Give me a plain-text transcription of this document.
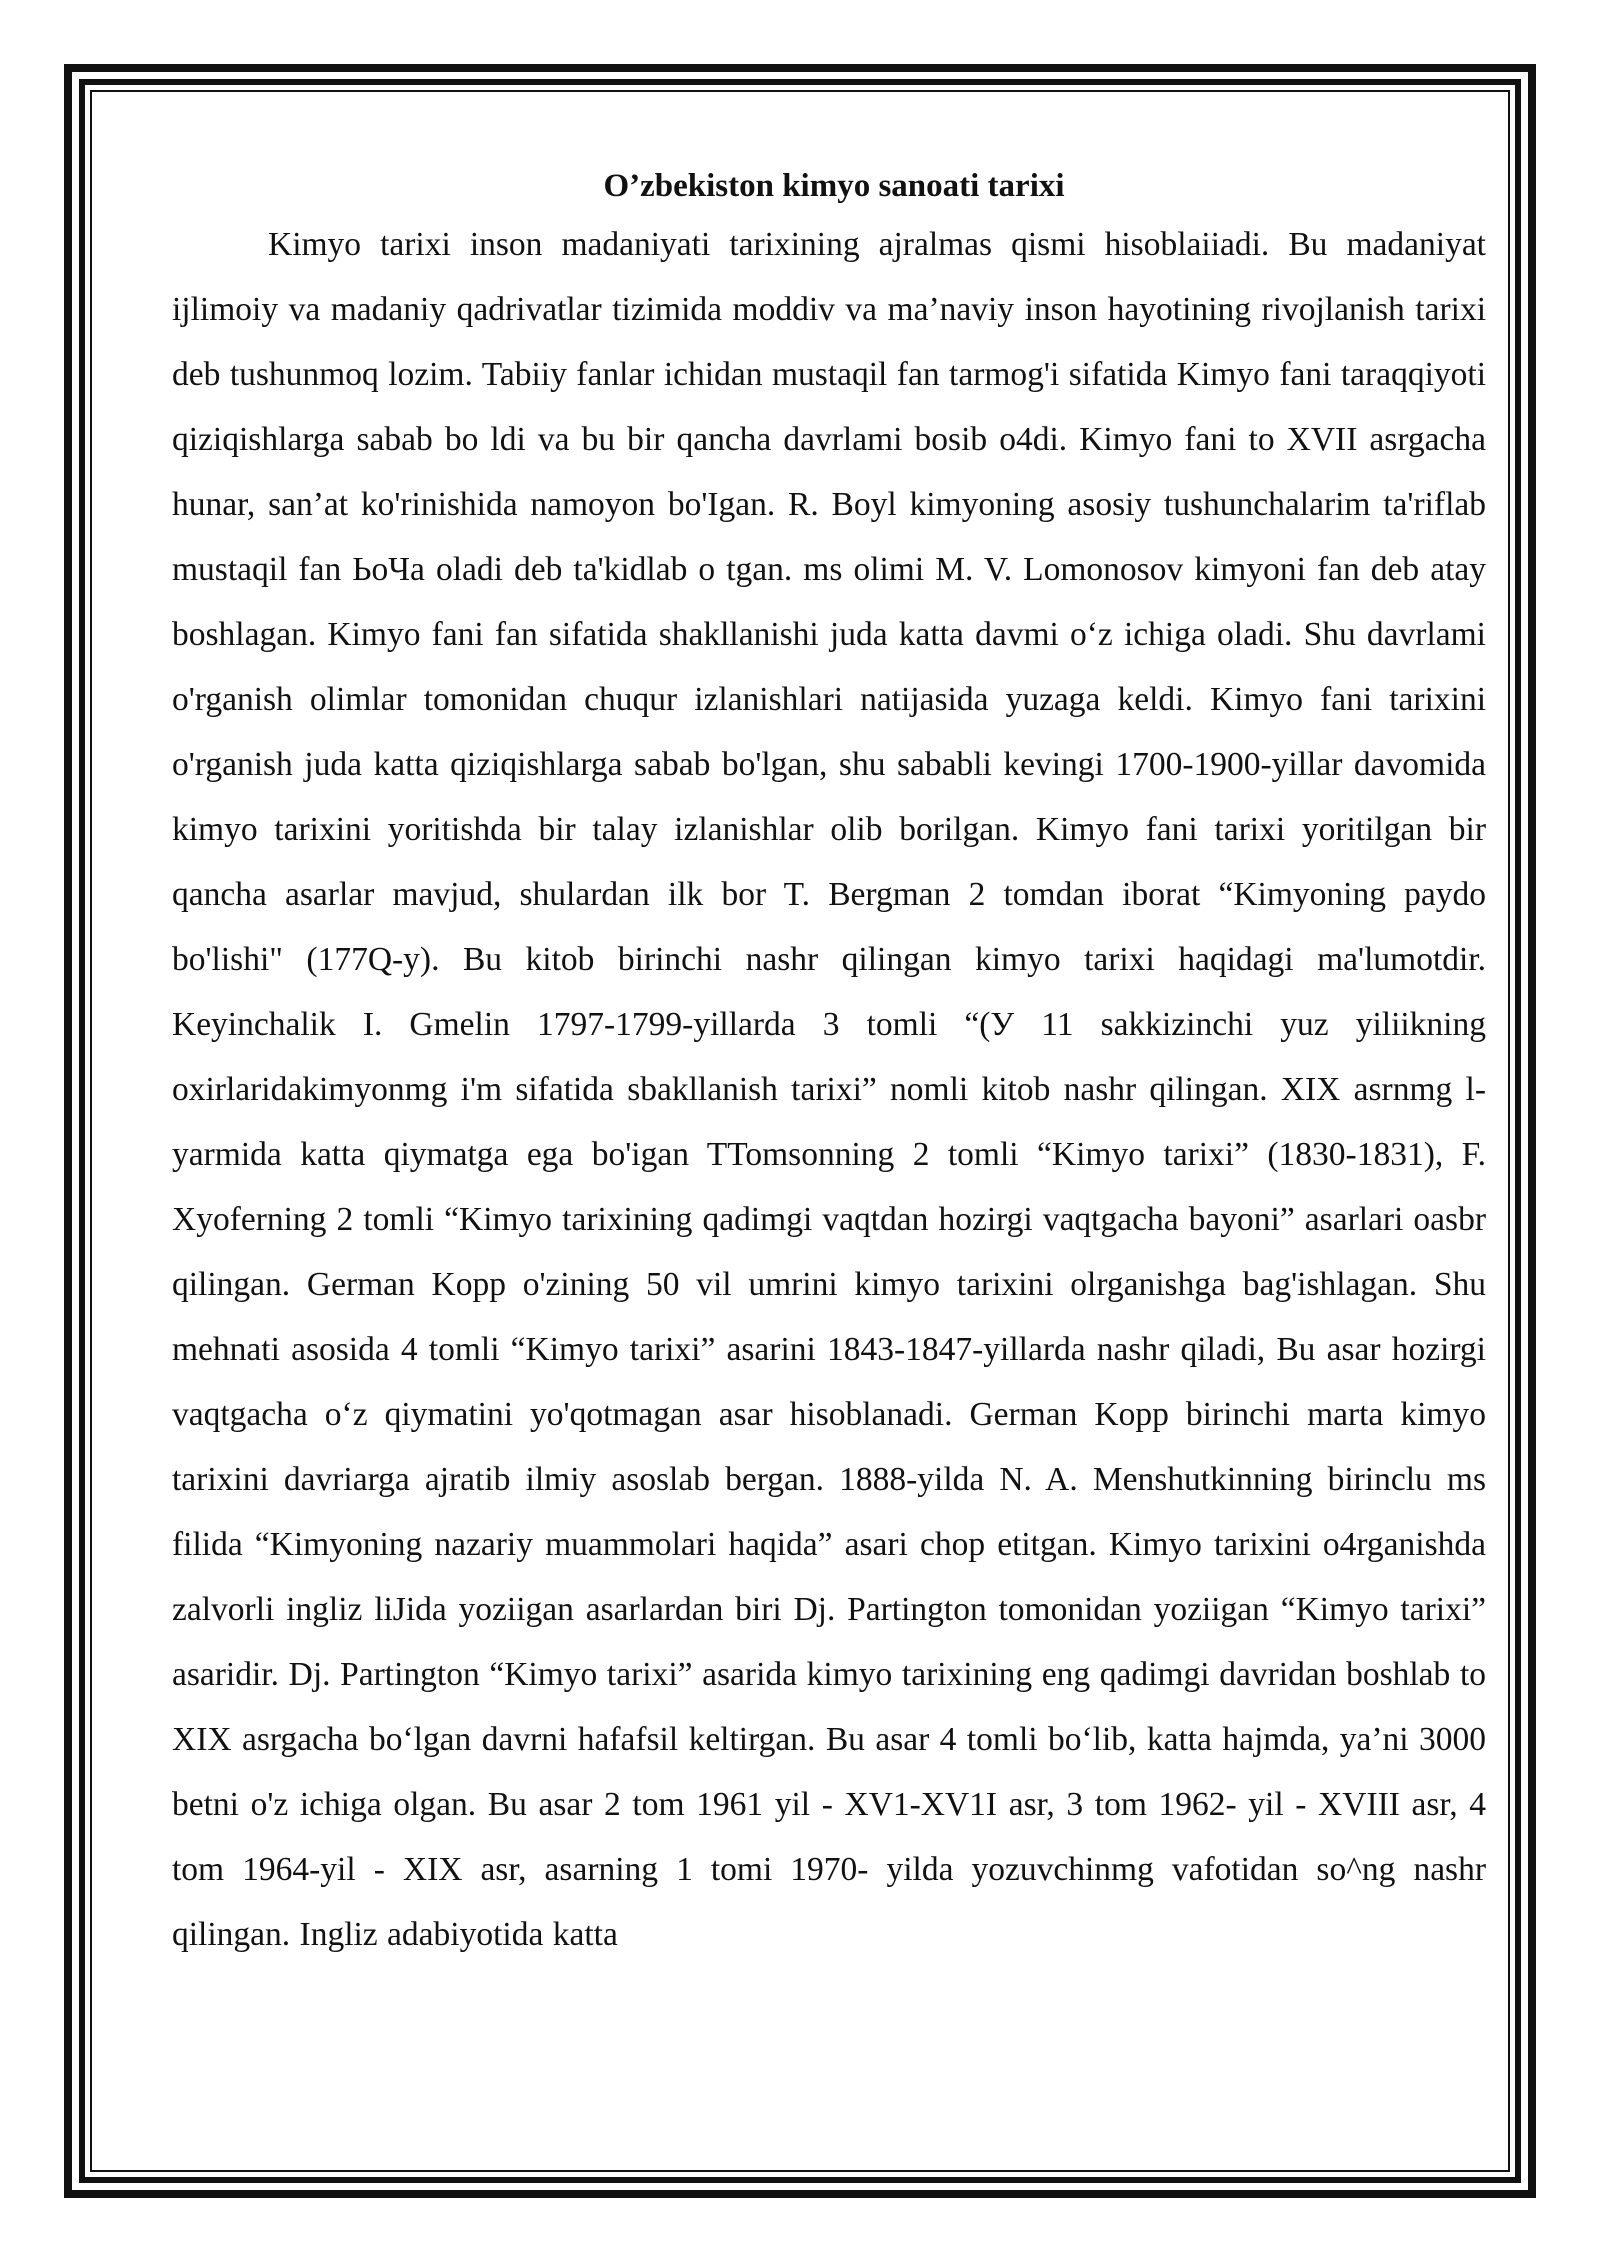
O’zbekiston kimyo sanoati tarixi

Kimyo tarixi inson madaniyati tarixining ajralmas qismi hisoblaiiadi. Bu madaniyat ijlimoiy va madaniy qadrivatlar tizimida moddiv va ma’naviy inson hayotining rivojlanish tarixi deb tushunmoq lozim. Tabiiy fanlar ichidan mustaqil fan tarmog'i sifatida Kimyo fani taraqqiyoti qiziqishlarga sabab bo ldi va bu bir qancha davrlami bosib o4di. Kimyo fani to XVII asrgacha hunar, san’at ko'rinishida namoyon bo'Igan. R. Boyl kimyoning asosiy tushunchalarim ta'riflab mustaqil fan ЬоЧа oladi deb ta'kidlab o tgan. ms olimi M. V. Lomonosov kimyoni fan deb atay boshlagan. Kimyo fani fan sifatida shakllanishi juda katta davmi o‘z ichiga oladi. Shu davrlami o'rganish olimlar tomonidan chuqur izlanishlari natijasida yuzaga keldi. Kimyo fani tarixini o'rganish juda katta qiziqishlarga sabab bo'lgan, shu sababli kevingi 1700-1900-yillar davomida kimyo tarixini yoritishda bir talay izlanishlar olib borilgan. Kimyo fani tarixi yoritilgan bir qancha asarlar mavjud, shulardan ilk bor T. Bergman 2 tomdan iborat “Kimyoning paydo bo'lishi" (177Q-y). Bu kitob birinchi nashr qilingan kimyo tarixi haqidagi ma'lumotdir. Keyinchalik I. Gmelin 1797-1799-yillarda 3 tomli “(У 11 sakkizinchi yuz yiliikning oxirlaridakimyonmg i'm sifatida sbakllanish tarixi” nomli kitob nashr qilingan. XIX asrnmg l-yarmida katta qiymatga ega bo'igan TTomsonning 2 tomli “Kimyo tarixi” (1830-1831), F. Xyoferning 2 tomli “Kimyo tarixining qadimgi vaqtdan hozirgi vaqtgacha bayoni” asarlari oasbr qilingan. German Kopp o'zining 50 vil umrini kimyo tarixini olrganishga bag'ishlagan. Shu mehnati asosida 4 tomli “Kimyo tarixi” asarini 1843-1847-yillarda nashr qiladi, Bu asar hozirgi vaqtgacha o‘z qiymatini yo'qotmagan asar hisoblanadi. German Kopp birinchi marta kimyo tarixini davriarga ajratib ilmiy asoslab bergan. 1888-yilda N. A. Menshutkinning birinclu ms filida “Kimyoning nazariy muammolari haqida” asari chop etitgan. Kimyo tarixini o4rganishda zalvorli ingliz liJida yoziigan asarlardan biri Dj. Partington tomonidan yoziigan “Kimyo tarixi” asaridir. Dj. Partington “Kimyo tarixi” asarida kimyo tarixining eng qadimgi davridan boshlab to XIX asrgacha bo‘lgan davrni hafafsil keltirgan. Bu asar 4 tomli bo‘lib, katta hajmda, ya’ni 3000 betni o'z ichiga olgan. Bu asar 2 tom 1961 yil - XV1-XV1I asr, 3 tom 1962- yil - XVIII asr, 4 tom 1964-yil - XIX asr, asarning 1 tomi 1970- yilda yozuvchinmg vafotidan so^ng nashr qilingan. Ingliz adabiyotida katta
